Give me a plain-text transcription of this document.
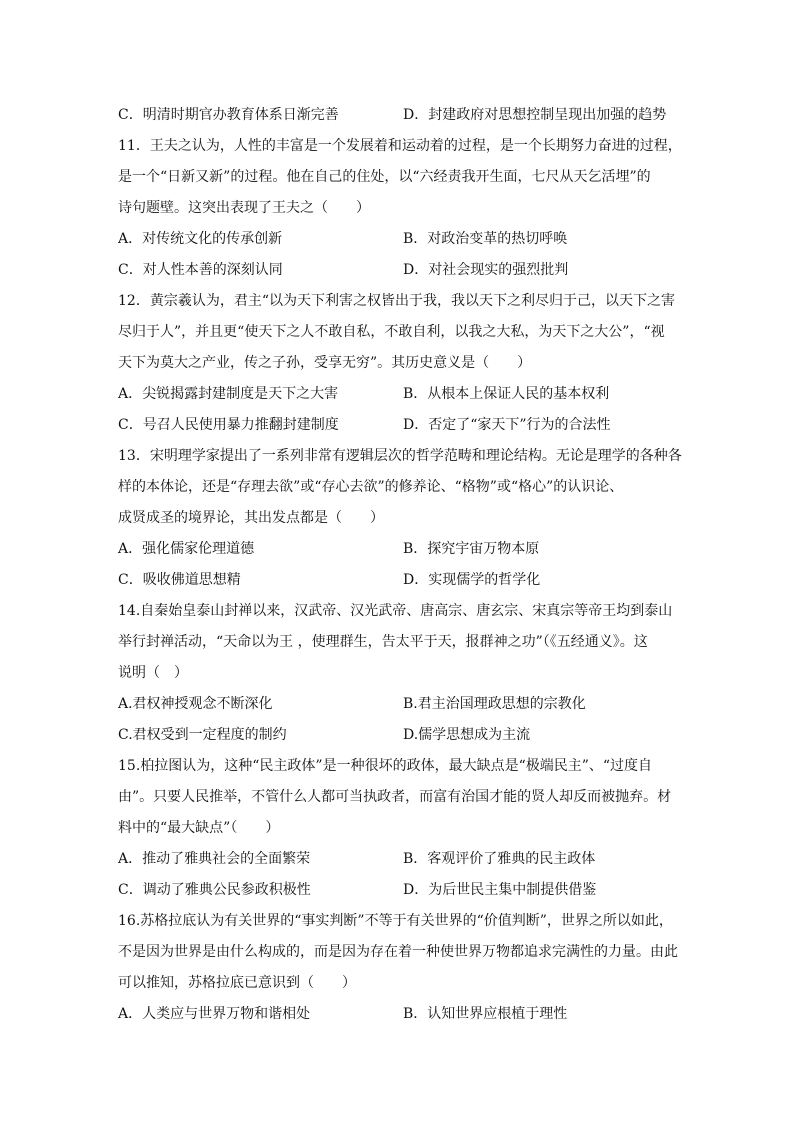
C．明清时期官办教育体系日渐完善	D．封建政府对思想控制呈现出加强的趋势
11．王夫之认为，人性的丰富是一个发展着和运动着的过程，是一个长期努力奋进的过程，
是一个“日新又新”的过程。他在自己的住处，以“六经责我开生面，七尺从天乞活埋”的
诗句题壁。这突出表现了王夫之（　　）
A．对传统文化的传承创新	B．对政治变革的热切呼唤
C．对人性本善的深刻认同	D．对社会现实的强烈批判
12．黄宗羲认为，君主“以为天下利害之权皆出于我，我以天下之利尽归于己，以天下之害
尽归于人”，并且更“使天下之人不敢自私，不敢自利，以我之大私，为天下之大公”，“视
天下为莫大之产业，传之子孙，受享无穷”。其历史意义是（　　）
A．尖锐揭露封建制度是天下之大害	B．从根本上保证人民的基本权利
C．号召人民使用暴力推翻封建制度	D．否定了“家天下”行为的合法性
13．宋明理学家提出了一系列非常有逻辑层次的哲学范畴和理论结构。无论是理学的各种各
样的本体论，还是“存理去欲”或“存心去欲”的修养论、“格物”或“格心”的认识论、
成贤成圣的境界论，其出发点都是（　　）
A．强化儒家伦理道德	B．探究宇宙万物本原
C．吸收佛道思想精	D．实现儒学的哲学化
14.自秦始皇泰山封禅以来，汉武帝、汉光武帝、唐高宗、唐玄宗、宋真宗等帝王均到泰山
举行封禅活动，“天命以为王 ，使理群生，告太平于天，报群神之功”（《五经通义》。这
说明（　）
A.君权神授观念不断深化	B.君主治国理政思想的宗教化
C.君权受到一定程度的制约	D.儒学思想成为主流
15.柏拉图认为，这种“民主政体”是一种很坏的政体，最大缺点是“极端民主”、“过度自
由”。只要人民推举，不管什么人都可当执政者，而富有治国才能的贤人却反而被抛弃。材
料中的“最大缺点”（　　）
A．推动了雅典社会的全面繁荣	B．客观评价了雅典的民主政体
C．调动了雅典公民参政积极性	D．为后世民主集中制提供借鉴
16.苏格拉底认为有关世界的“事实判断”不等于有关世界的“价值判断”，世界之所以如此，
不是因为世界是由什么构成的，而是因为存在着一种使世界万物都追求完满性的力量。由此
可以推知，苏格拉底已意识到（　　）
A．人类应与世界万物和谐相处	B．认知世界应根植于理性
